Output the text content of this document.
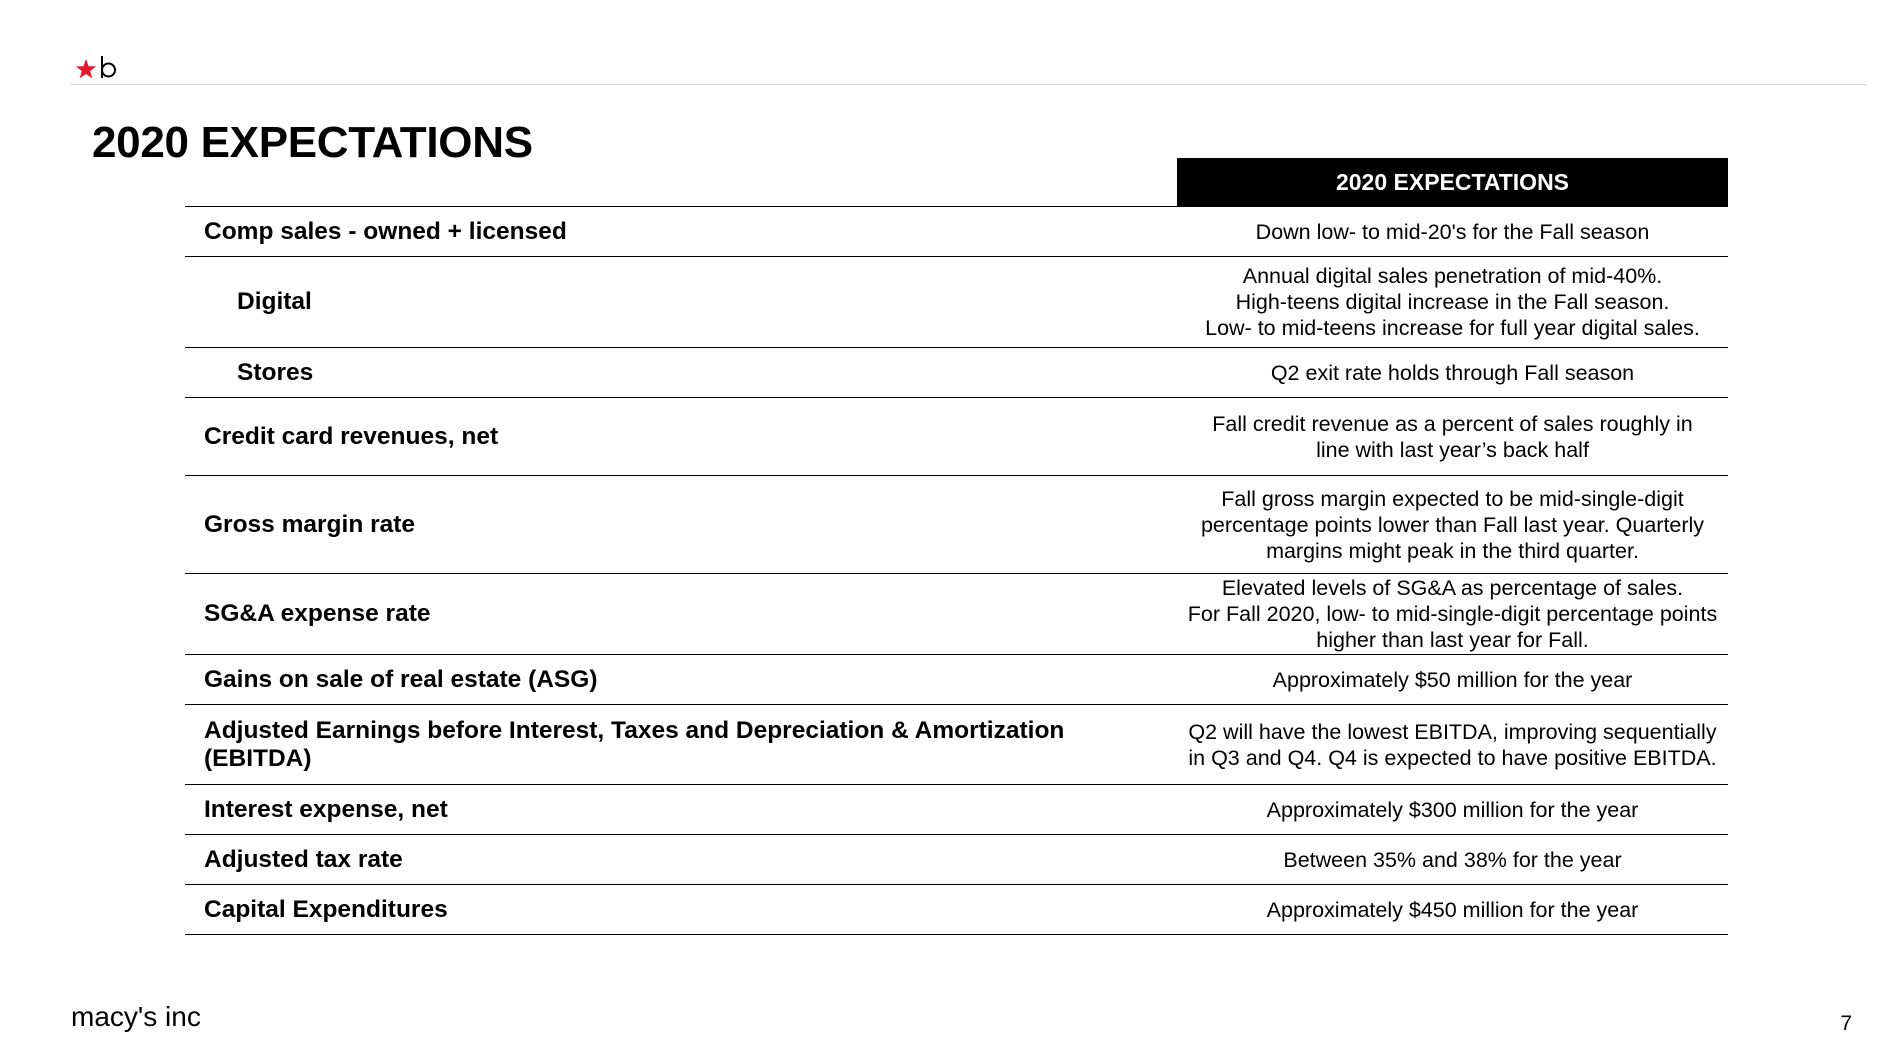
2020 EXPECTATIONS
	2020 EXPECTATIONS
Comp sales - owned + licensed	Down low- to mid-20's for the Fall season

Digital	Annual digital sales penetration of mid-40%.
High-teens digital increase in the Fall season.
Low- to mid-teens increase for full year digital sales.

Stores	Q2 exit rate holds through Fall season

Credit card revenues, net	Fall credit revenue as a percent of sales roughly in
line with last year’s back half

Gross margin rate	Fall gross margin expected to be mid-single-digit
percentage points lower than Fall last year. Quarterly
margins might peak in the third quarter.

SG&A expense rate	Elevated levels of SG&A as percentage of sales.
For Fall 2020, low- to mid-single-digit percentage points
higher than last year for Fall.

Gains on sale of real estate (ASG)	Approximately $50 million for the year

Adjusted Earnings before Interest, Taxes and Depreciation & Amortization (EBITDA)	Q2 will have the lowest EBITDA, improving sequentially
in Q3 and Q4. Q4 is expected to have positive EBITDA.

Interest expense, net	Approximately $300 million for the year

Adjusted tax rate	Between 35% and 38% for the year

Capital Expenditures	Approximately $450 million for the year
macy's inc	7
